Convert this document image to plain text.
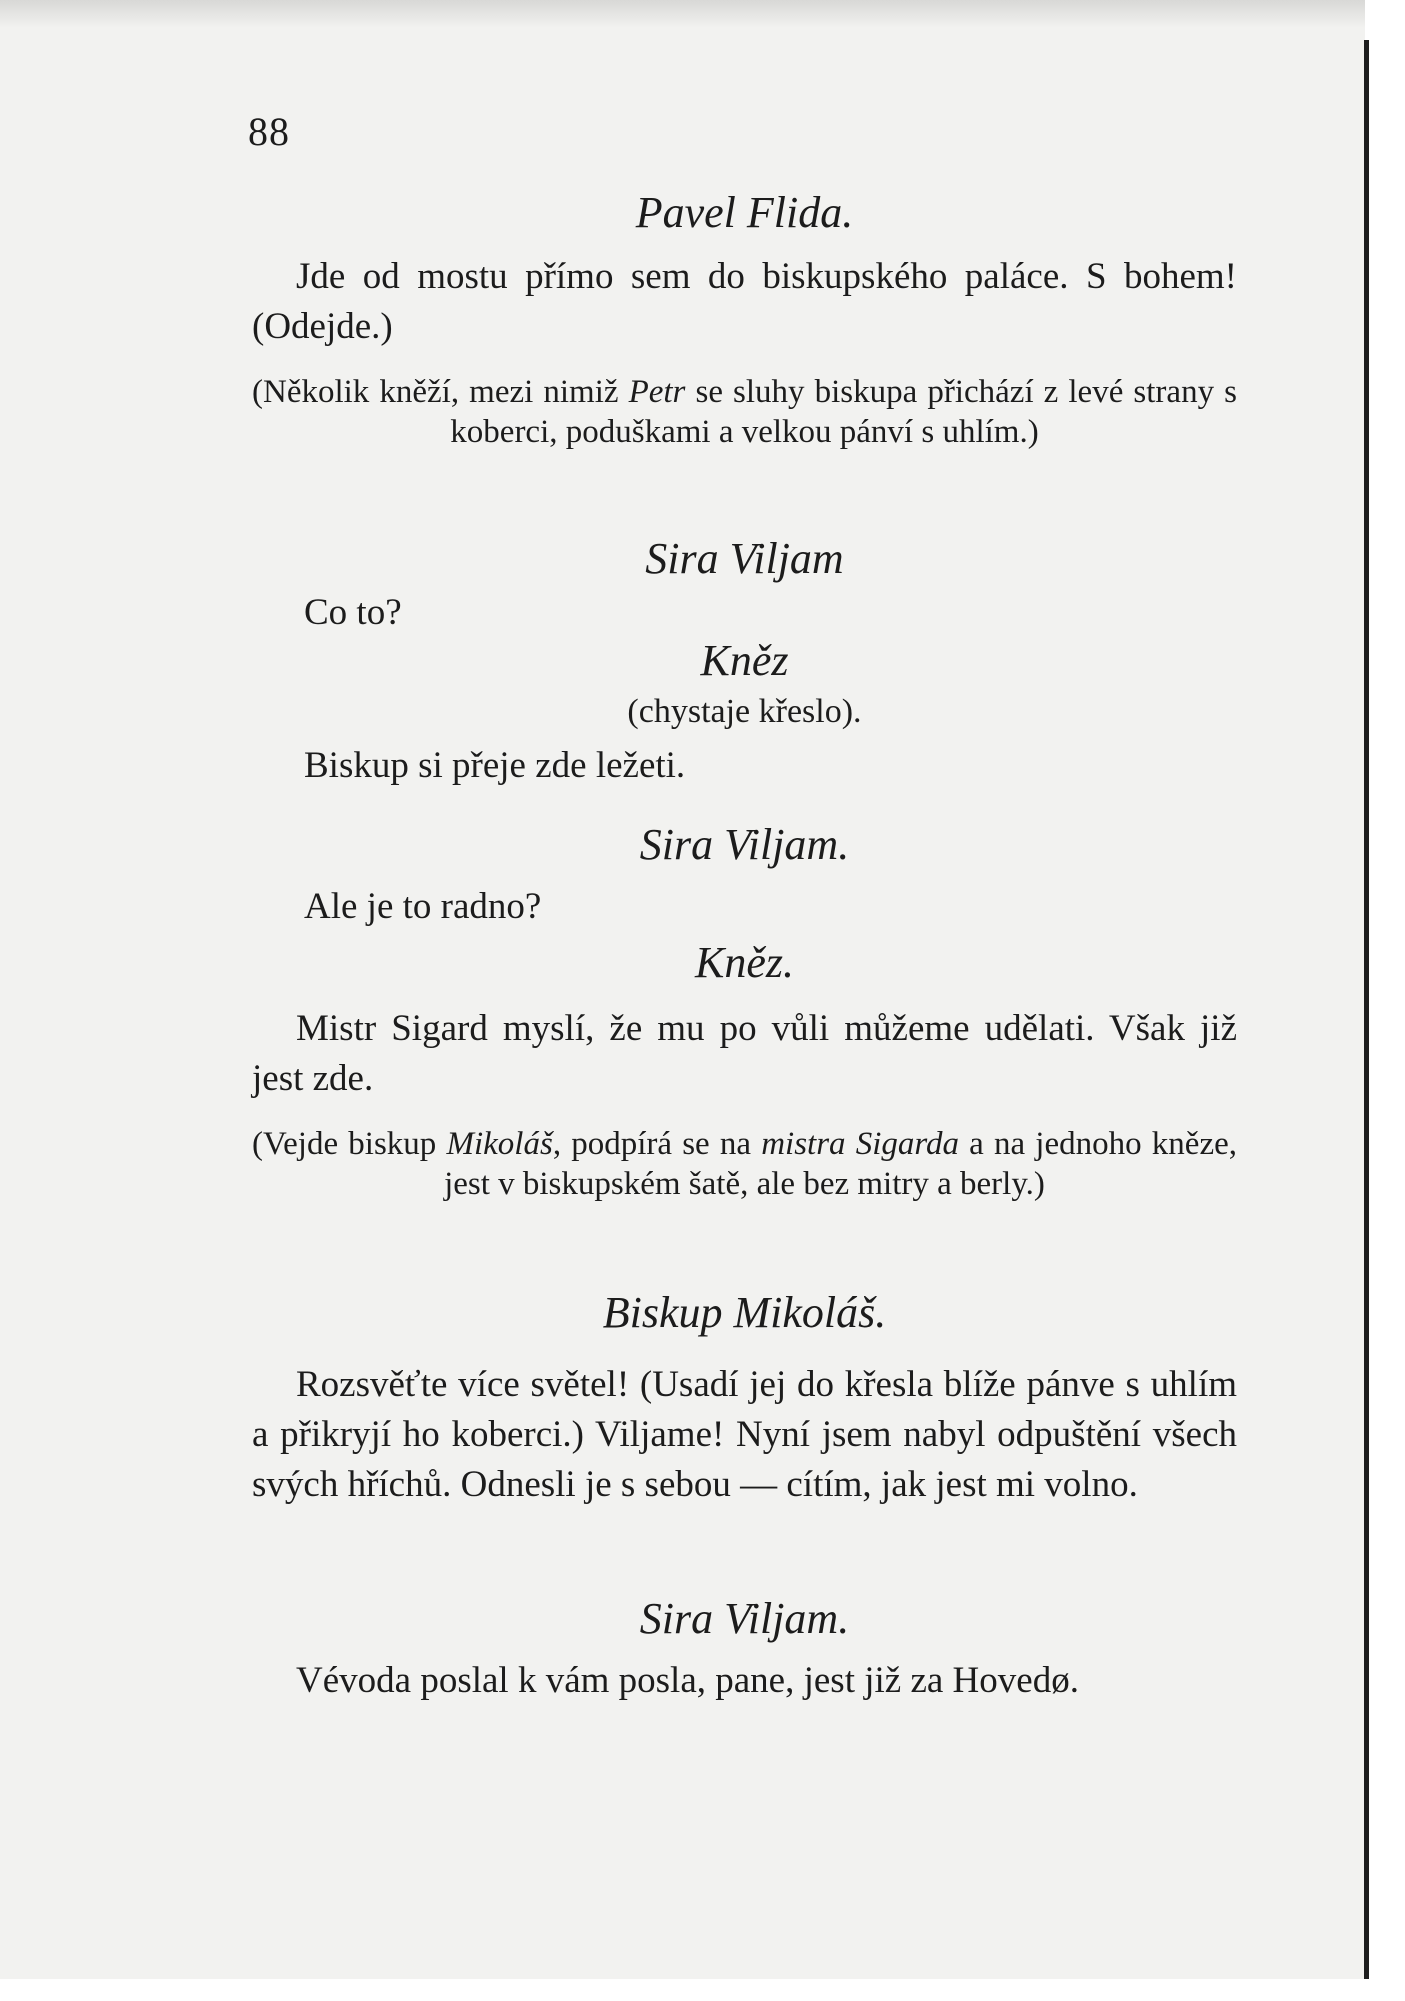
88
Pavel Flida.
Jde od mostu přímo sem do biskupského paláce. S bohem! (Odejde.)
(Několik kněží, mezi nimiž Petr se sluhy biskupa přichází z levé strany s koberci, poduškami a velkou pánví s uhlím.)
Sira Viljam
Co to?
Kněz
(chystaje křeslo).
Biskup si přeje zde ležeti.
Sira Viljam.
Ale je to radno?
Kněz.
Mistr Sigard myslí, že mu po vůli můžeme udělati. Však již jest zde.
(Vejde biskup Mikoláš, podpírá se na mistra Sigarda a na jednoho kněze, jest v biskupském šatě, ale bez mitry a berly.)
Biskup Mikoláš.
Rozsvěťte více světel! (Usadí jej do křesla blíže pánve s uhlím a přikryjí ho koberci.) Viljame! Nyní jsem nabyl odpuštění všech svých hříchů. Odnesli je s sebou — cítím, jak jest mi volno.
Sira Viljam.
Vévoda poslal k vám posla, pane, jest již za Hovedø.
